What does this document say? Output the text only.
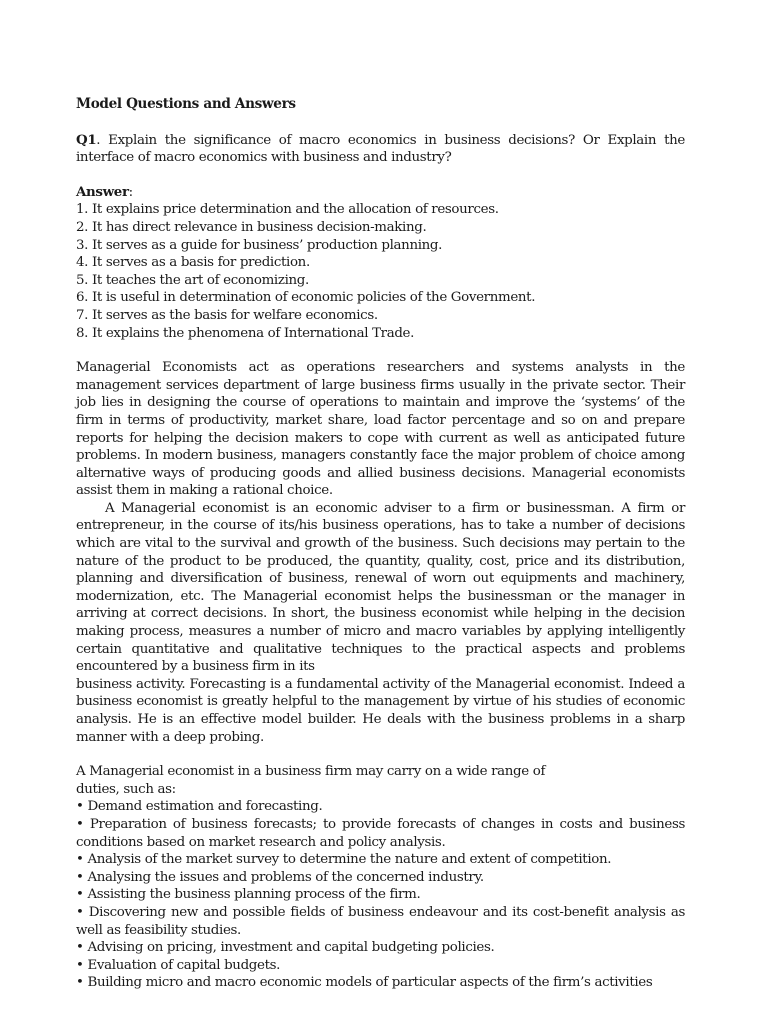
Model Questions and Answers

Q1. Explain the significance of macro economics in business decisions? Or Explain the interface of macro economics with business and industry?

Answer:

1. It explains price determination and the allocation of resources.

2. It has direct relevance in business decision-making.

3. It serves as a guide for business’ production planning.

4. It serves as a basis for prediction.

5. It teaches the art of economizing.

6. It is useful in determination of economic policies of the Government.

7. It serves as the basis for welfare economics.

8. It explains the phenomena of International Trade.

Managerial Economists act as operations researchers and systems analysts in the management services department of large business firms usually in the private sector. Their job lies in designing the course of operations to maintain and improve the ‘systems’ of the firm in terms of productivity, market share, load factor percentage and so on and prepare reports for helping the decision makers to cope with current as well as anticipated future problems. In modern business, managers constantly face the major problem of choice among alternative ways of producing goods and allied business decisions. Managerial economists assist them in making a rational choice.

A Managerial economist is an economic adviser to a firm or businessman. A firm or entrepreneur, in the course of its/his business operations, has to take a number of decisions which are vital to the survival and growth of the business. Such decisions may pertain to the nature of the product to be produced, the quantity, quality, cost, price and its distribution, planning and diversification of business, renewal of worn out equipments and machinery, modernization, etc. The Managerial economist helps the businessman or the manager in arriving at correct decisions. In short, the business economist while helping in the decision making process, measures a number of micro and macro variables by applying intelligently certain quantitative and qualitative techniques to the practical aspects and problems encountered by a business firm in its

business activity. Forecasting is a fundamental activity of the Managerial economist. Indeed a business economist is greatly helpful to the management by virtue of his studies of economic analysis. He is an effective model builder. He deals with the business problems in a sharp manner with a deep probing.

A Managerial economist in a business firm may carry on a wide range of

duties, such as:

• Demand estimation and forecasting.
• Preparation of business forecasts; to provide forecasts of changes in costs and business conditions based on market research and policy analysis.
• Analysis of the market survey to determine the nature and extent of competition.
• Analysing the issues and problems of the concerned industry.
• Assisting the business planning process of the firm.
• Discovering new and possible fields of business endeavour and its cost-benefit analysis as well as feasibility studies.
• Advising on pricing, investment and capital budgeting policies.
• Evaluation of capital budgets.
• Building micro and macro economic models of particular aspects of the firm’s activities
